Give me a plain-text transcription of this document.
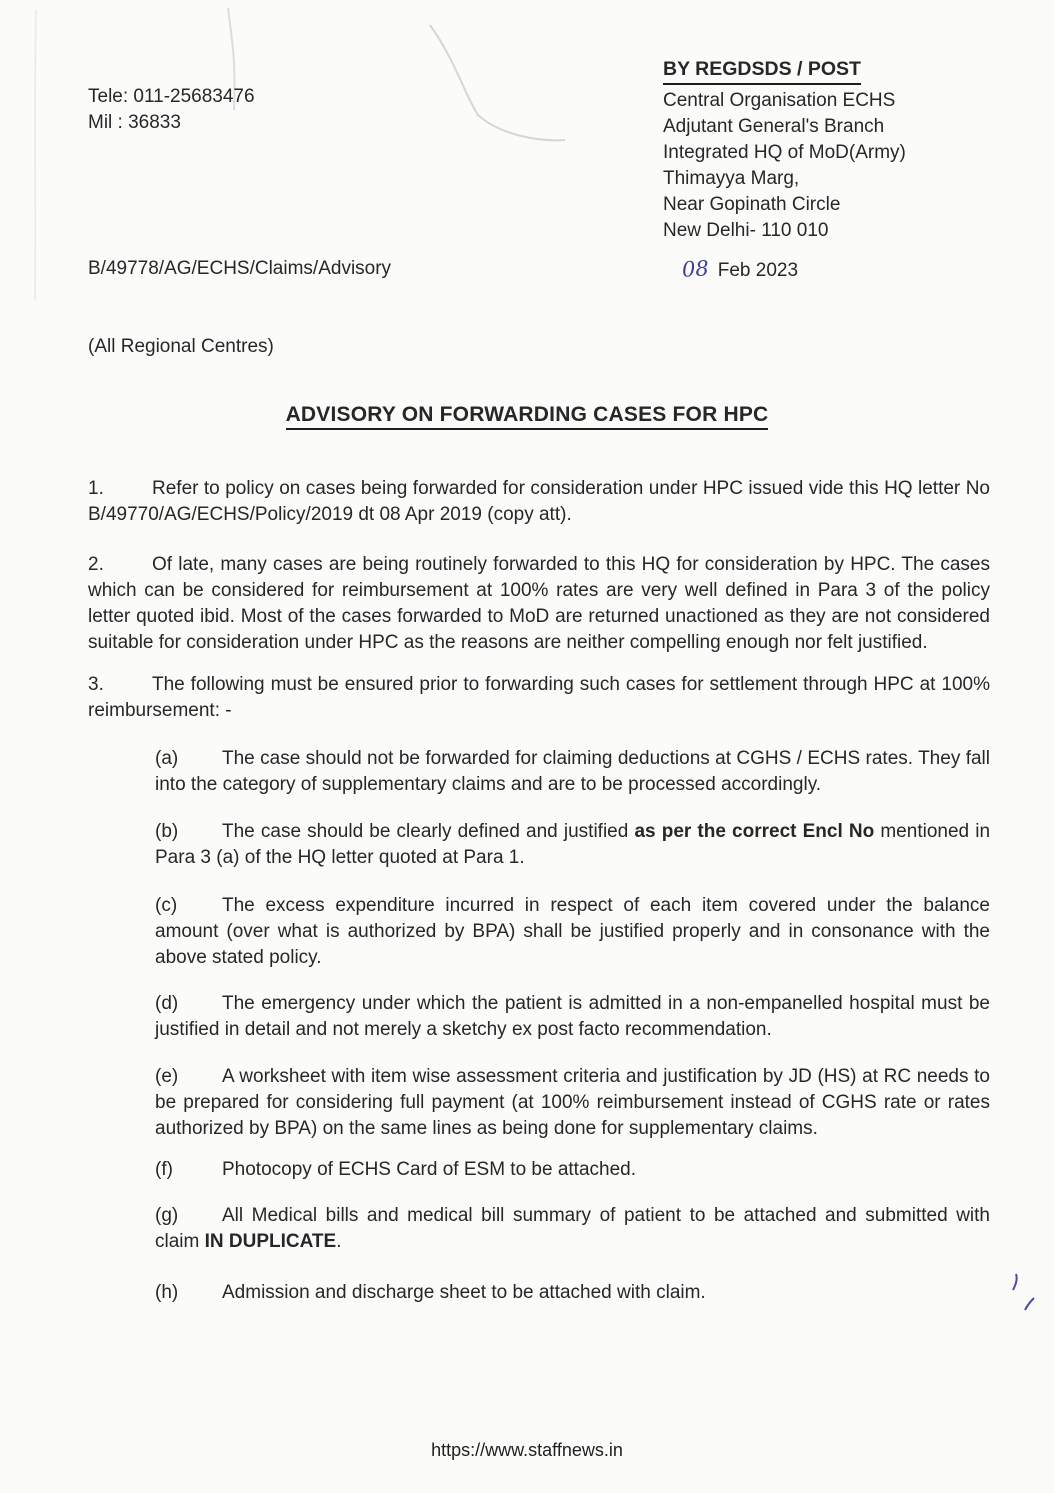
Tele: 011-25683476
Mil : 36833
BY REGDSDS / POST
Central Organisation ECHS
Adjutant General's Branch
Integrated HQ of MoD(Army)
Thimayya Marg,
Near Gopinath Circle
New Delhi- 110 010
B/49778/AG/ECHS/Claims/Advisory	08 Feb 2023
(All Regional Centres)
ADVISORY ON FORWARDING CASES FOR HPC

1.	Refer to policy on cases being forwarded for consideration under HPC issued vide this HQ letter No B/49770/AG/ECHS/Policy/2019 dt 08 Apr 2019 (copy att).

2.	Of late, many cases are being routinely forwarded to this HQ for consideration by HPC. The cases which can be considered for reimbursement at 100% rates are very well defined in Para 3 of the policy letter quoted ibid. Most of the cases forwarded to MoD are returned unactioned as they are not considered suitable for consideration under HPC as the reasons are neither compelling enough nor felt justified.

3.	The following must be ensured prior to forwarding such cases for settlement through HPC at 100% reimbursement: -

(a) The case should not be forwarded for claiming deductions at CGHS / ECHS rates. They fall into the category of supplementary claims and are to be processed accordingly.

(b) The case should be clearly defined and justified as per the correct Encl No mentioned in Para 3 (a) of the HQ letter quoted at Para 1.

(c) The excess expenditure incurred in respect of each item covered under the balance amount (over what is authorized by BPA) shall be justified properly and in consonance with the above stated policy.

(d) The emergency under which the patient is admitted in a non-empanelled hospital must be justified in detail and not merely a sketchy ex post facto recommendation.

(e) A worksheet with item wise assessment criteria and justification by JD (HS) at RC needs to be prepared for considering full payment (at 100% reimbursement instead of CGHS rate or rates authorized by BPA) on the same lines as being done for supplementary claims.

(f)	Photocopy of ECHS Card of ESM to be attached.

(g) All Medical bills and medical bill summary of patient to be attached and submitted with claim IN DUPLICATE.

(h) Admission and discharge sheet to be attached with claim.

https://www.staffnews.in
